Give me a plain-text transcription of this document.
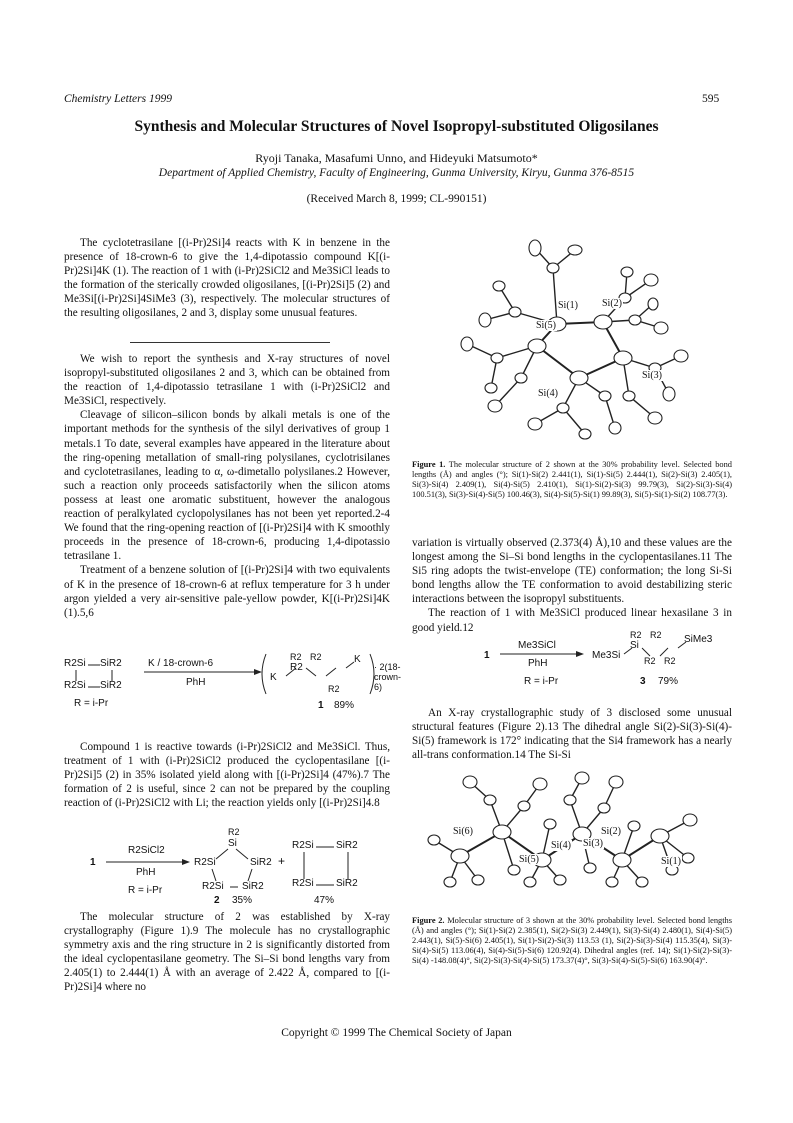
Chemistry Letters 1999	595
Synthesis and Molecular Structures of Novel Isopropyl-substituted Oligosilanes
Ryoji Tanaka, Masafumi Unno, and Hideyuki Matsumoto*
Department of Applied Chemistry, Faculty of Engineering, Gunma University, Kiryu, Gunma 376-8515
(Received March 8, 1999; CL-990151)

The cyclotetrasilane [(i-Pr)2Si]4 reacts with K in benzene in the presence of 18-crown-6 to give the 1,4-dipotassio compound K[(i-Pr)2Si]4K (1). The reaction of 1 with (i-Pr)2SiCl2 and Me3SiCl leads to the formation of the sterically crowded oligosilanes, [(i-Pr)2Si]5 (2) and Me3Si[(i-Pr)2Si]4SiMe3 (3), respectively. The molecular structures of the resulting oligosilanes, 2 and 3, display some unusual features.

We wish to report the synthesis and X-ray structures of novel isopropyl-substituted oligosilanes 2 and 3, which can be obtained from the reaction of 1,4-dipotassio tetrasilane 1 with (i-Pr)2SiCl2 and Me3SiCl, respectively.

Cleavage of silicon–silicon bonds by alkali metals is one of the important methods for the synthesis of the silyl derivatives of group 1 metals.1 To date, several examples have appeared in the literature about the ring-opening metallation of small-ring polysilanes, cyclotrisilanes and cyclotetrasilanes, leading to α, ω-dimetallo polysilanes.2 However, such a reaction only proceeds satisfactorily when the silicon atoms possess at least one aromatic substituent, however the analogous reaction of peralkylated cyclopolysilanes has not been yet reported.2-4 We found that the ring-opening reaction of [(i-Pr)2Si]4 with K smoothly proceeds in the presence of 18-crown-6, producing 1,4-dipotassio tetrasilane 1.

Treatment of a benzene solution of [(i-Pr)2Si]4 with two equivalents of K in the presence of 18-crown-6 at reflux temperature for 3 h under argon yielded a very air-sensitive pale-yellow powder, K[(i-Pr)2Si]4K (1).5,6

R2Si SiR2
R2Si SiR2
K / 18-crown-6
PhH
R = i-Pr
K
R2
R2
R2
R2
K
· 2(18-crown-6)
1 89%

Compound 1 is reactive towards (i-Pr)2SiCl2 and Me3SiCl. Thus, treatment of 1 with (i-Pr)2SiCl2 produced the cyclopentasilane [(i-Pr)2Si]5 (2) in 35% isolated yield along with [(i-Pr)2Si]4 (47%).7 The formation of 2 is useful, since 2 can not be prepared by the coupling reaction of (i-Pr)2SiCl2 with Li; the reaction yields only [(i-Pr)2Si]4.8

1
R2SiCl2
PhH
R = i-Pr
R2
Si
R2Si	SiR2
R2Si SiR2
+
R2Si SiR2
R2Si SiR2
2 35%	47%

The molecular structure of 2 was established by X-ray crystallography (Figure 1).9 The molecule has no crystallographic symmetry axis and the ring structure in 2 is significantly distorted from the ideal cyclopentasilane geometry. The Si–Si bond lengths vary from 2.405(1) to 2.444(1) Å with an average of 2.422 Å, compared to [(i-Pr)2Si]4 where no

Si(1) Si(2)
Si(3)
Si(4)
Si(5)
Figure 1. The molecular structure of 2 shown at the 30% probability level. Selected bond lengths (Å) and angles (°); Si(1)-Si(2) 2.441(1), Si(1)-Si(5) 2.444(1), Si(2)-Si(3) 2.405(1), Si(3)-Si(4) 2.409(1), Si(4)-Si(5) 2.410(1), Si(1)-Si(2)-Si(3) 99.79(3), Si(2)-Si(3)-Si(4) 100.51(3), Si(3)-Si(4)-Si(5) 100.46(3), Si(4)-Si(5)-Si(1) 99.89(3), Si(5)-Si(1)-Si(2) 108.77(3).

variation is virtually observed (2.373(4) Å),10 and these values are the longest among the Si–Si bond lengths in the cyclopentasilanes.11 The Si5 ring adopts the twist-envelope (TE) conformation; the long Si-Si bond lengths allow the TE conformation to avoid destabilizing steric interactions between the isopropyl substituents.

The reaction of 1 with Me3SiCl produced linear hexasilane 3 in good yield.12

1
Me3SiCl
PhH
R = i-Pr
Me3Si
R2 R2
Si
R2 R2
SiMe3
3 79%

An X-ray crystallographic study of 3 disclosed some unusual structural features (Figure 2).13 The dihedral angle Si(2)-Si(3)-Si(4)-Si(5) framework is 172° indicating that the Si4 framework has a nearly all-trans conformation.14 The Si-Si

Si(6)
Si(4) Si(3)
Si(2)
Si(5)	Si(1)
Figure 2. Molecular structure of 3 shown at the 30% probability level. Selected bond lengths (Å) and angles (°); Si(1)-Si(2) 2.385(1), Si(2)-Si(3) 2.449(1), Si(3)-Si(4) 2.480(1), Si(4)-Si(5) 2.443(1), Si(5)-Si(6) 2.405(1), Si(1)-Si(2)-Si(3) 113.53 (1), Si(2)-Si(3)-Si(4) 115.35(4), Si(3)-Si(4)-Si(5) 113.06(4), Si(4)-Si(5)-Si(6) 120.92(4). Dihedral angles (ref. 14); Si(1)-Si(2)-Si(3)-Si(4) -148.08(4)°, Si(2)-Si(3)-Si(4)-Si(5) 173.37(4)°, Si(3)-Si(4)-Si(5)-Si(6) 163.90(4)°.
Copyright © 1999 The Chemical Society of Japan
